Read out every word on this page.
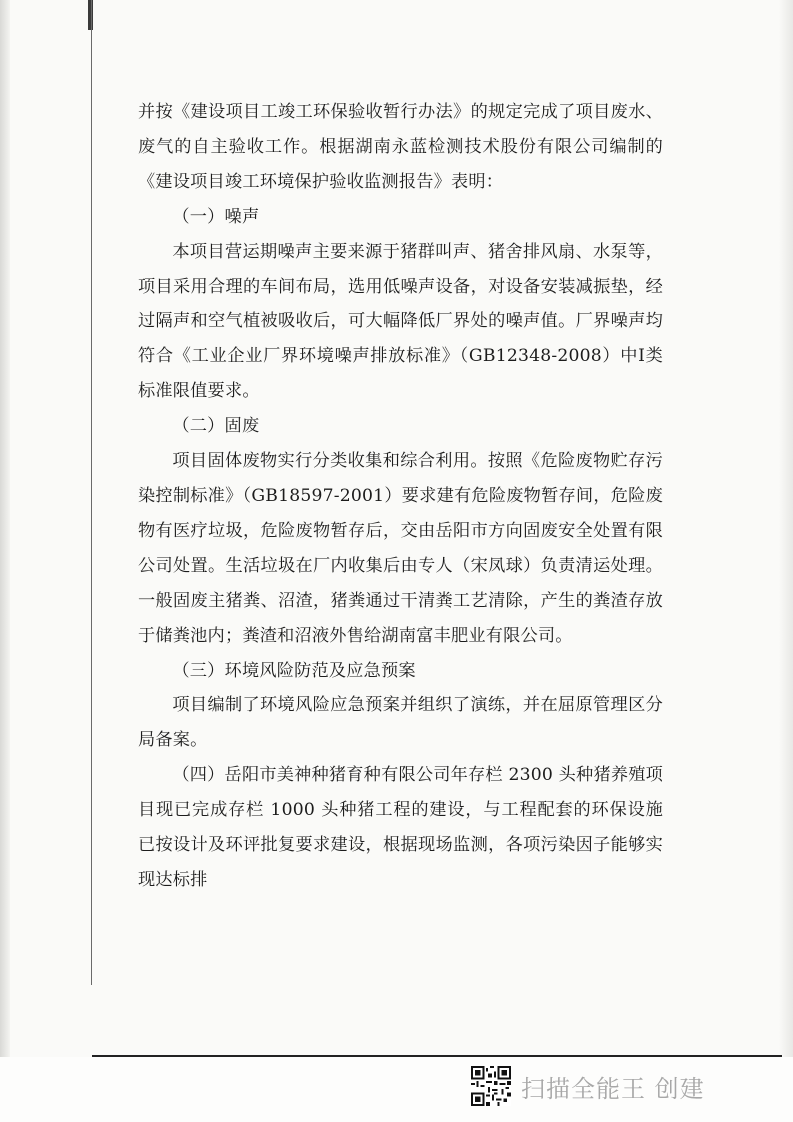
并按《建设项目工竣工环保验收暂行办法》的规定完成了项目废水、废气的自主验收工作。根据湖南永蓝检测技术股份有限公司编制的《建设项目竣工环境保护验收监测报告》表明：

（一）噪声

本项目营运期噪声主要来源于猪群叫声、猪舍排风扇、水泵等，项目采用合理的车间布局，选用低噪声设备，对设备安装减振垫，经过隔声和空气植被吸收后，可大幅降低厂界处的噪声值。厂界噪声均符合《工业企业厂界环境噪声排放标准》（GB12348-2008）中Ⅰ类标准限值要求。

（二）固废

项目固体废物实行分类收集和综合利用。按照《危险废物贮存污染控制标准》（GB18597-2001）要求建有危险废物暂存间，危险废物有医疗垃圾，危险废物暂存后，交由岳阳市方向固废安全处置有限公司处置。生活垃圾在厂内收集后由专人（宋凤球）负责清运处理。一般固废主猪粪、沼渣，猪粪通过干清粪工艺清除，产生的粪渣存放于储粪池内；粪渣和沼液外售给湖南富丰肥业有限公司。

（三）环境风险防范及应急预案

项目编制了环境风险应急预案并组织了演练，并在屈原管理区分局备案。

（四）岳阳市美神种猪育种有限公司年存栏 2300 头种猪养殖项目现已完成存栏 1000 头种猪工程的建设，与工程配套的环保设施已按设计及环评批复要求建设，根据现场监测，各项污染因子能够实现达标排

扫描全能王 创建
